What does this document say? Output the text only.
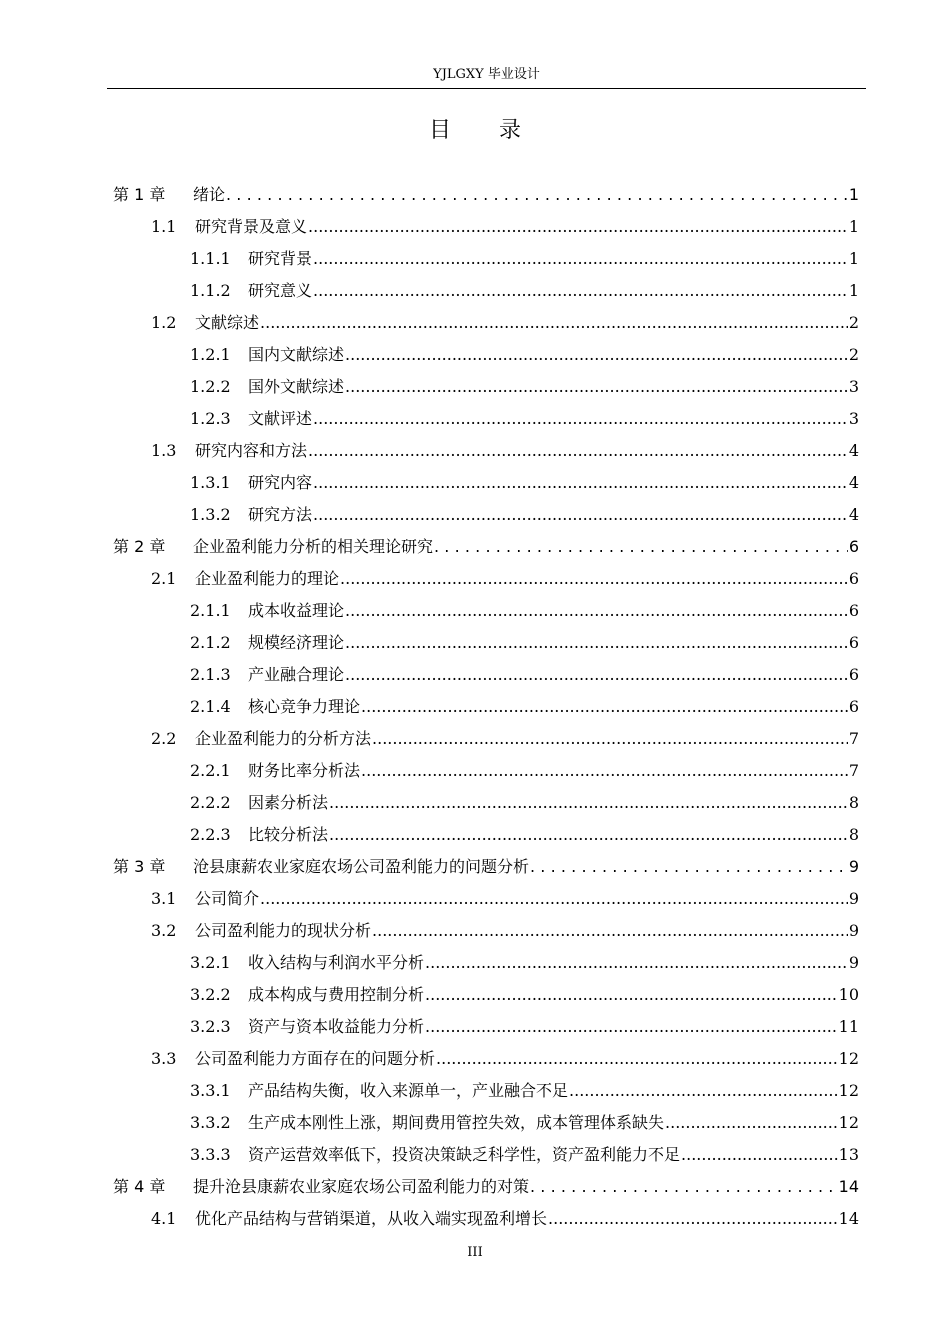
YJLGXY 毕业设计
目录
第 1 章	绪论 .....	1
1.1	研究背景及意义 .....	1
1.1.1	研究背景 .....	1
1.1.2	研究意义 .....	1
1.2	文献综述 .....	2
1.2.1	国内文献综述 .....	2
1.2.2	国外文献综述 .....	3
1.2.3	文献评述 .....	3
1.3	研究内容和方法 .....	4
1.3.1	研究内容 .....	4
1.3.2	研究方法 .....	4
第 2 章	企业盈利能力分析的相关理论研究 .....	6
2.1	企业盈利能力的理论 .....	6
2.1.1	成本收益理论 .....	6
2.1.2	规模经济理论 .....	6
2.1.3	产业融合理论 .....	6
2.1.4	核心竞争力理论 .....	6
2.2	企业盈利能力的分析方法 .....	7
2.2.1	财务比率分析法 .....	7
2.2.2	因素分析法 .....	8
2.2.3	比较分析法 .....	8
第 3 章	沧县康薪农业家庭农场公司盈利能力的问题分析 .....	9
3.1	公司简介 .....	9
3.2	公司盈利能力的现状分析 .....	9
3.2.1	收入结构与利润水平分析 .....	9
3.2.2	成本构成与费用控制分析 .....	10
3.2.3	资产与资本收益能力分析 .....	11
3.3	公司盈利能力方面存在的问题分析 .....	12
3.3.1	产品结构失衡，收入来源单一，产业融合不足 .....	12
3.3.2	生产成本刚性上涨，期间费用管控失效，成本管理体系缺失 .....	12
3.3.3	资产运营效率低下，投资决策缺乏科学性，资产盈利能力不足 .....	13
第 4 章	提升沧县康薪农业家庭农场公司盈利能力的对策 .....	14
4.1	优化产品结构与营销渠道，从收入端实现盈利增长 .....	14
III
